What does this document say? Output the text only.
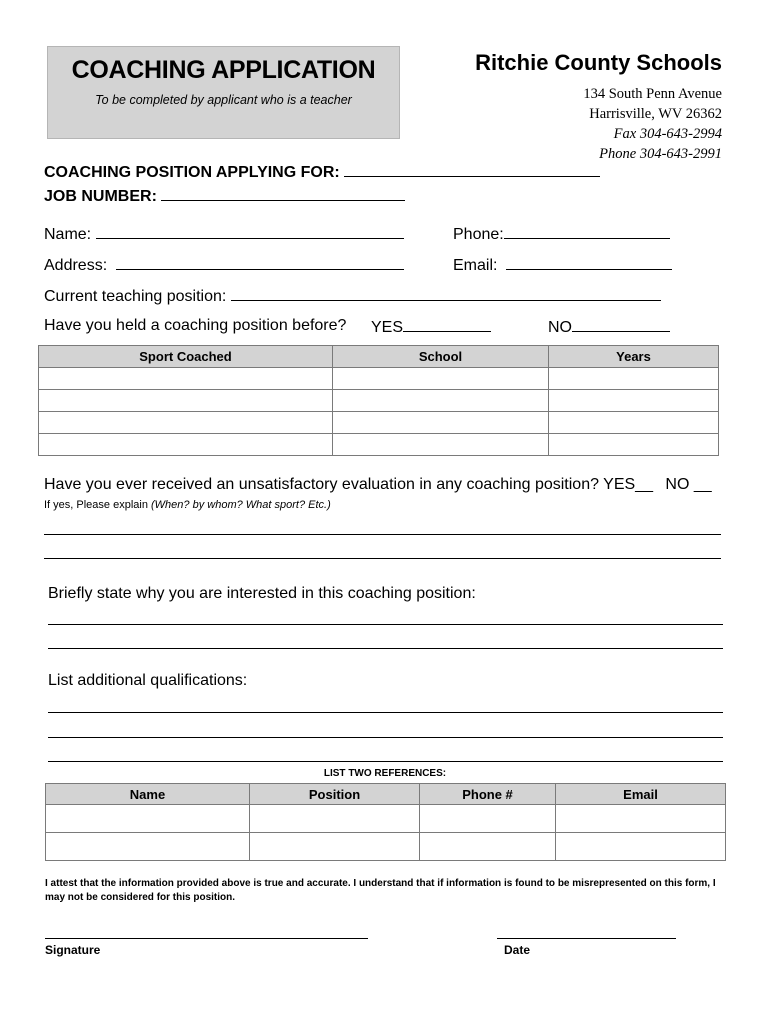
COACHING APPLICATION
To be completed by applicant who is a teacher
Ritchie County Schools
134 South Penn Avenue
Harrisville, WV 26362
Fax 304-643-2994
Phone 304-643-2991
COACHING POSITION APPLYING FOR:
JOB NUMBER:
Name:	Phone:
Address:	Email:
Current teaching position:
Have you held a coaching position before? YES	NO
Sport Coached	School	Years

Have you ever received an unsatisfactory evaluation in any coaching position? YES__ NO __
If yes, Please explain (When? by whom? What sport? Etc.)
Briefly state why you are interested in this coaching position:
List additional qualifications:
LIST TWO REFERENCES:
Name	Position	Phone #	Email

I attest that the information provided above is true and accurate. I understand that if information is found to be misrepresented on this form, I may not be considered for this position.
Signature	Date
